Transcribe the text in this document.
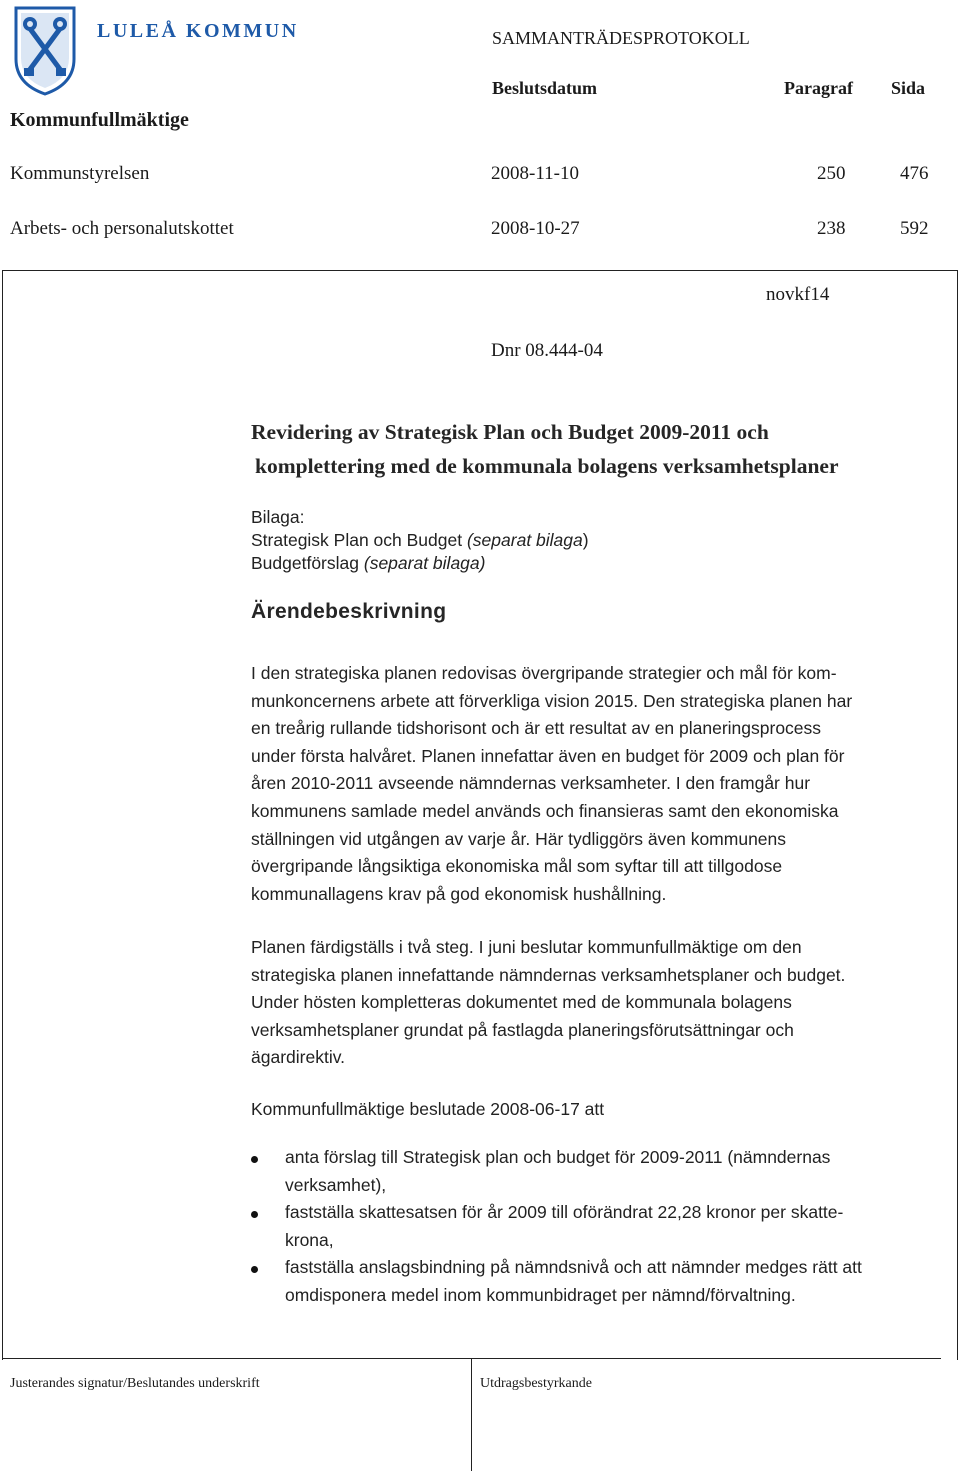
LULEÅ KOMMUN	SAMMANTRÄDESPROTOKOLL
Beslutsdatum	Paragraf Sida
Kommunfullmäktige
Kommunstyrelsen	2008-11-10	250	476
Arbets- och personalutskottet	2008-10-27	238	592
novkf14
Dnr 08.444-04
Revidering av Strategisk Plan och Budget 2009-2011 och
komplettering med de kommunala bolagens verksamhetsplaner
Bilaga:
Strategisk Plan och Budget (separat bilaga)
Budgetförslag (separat bilaga)
Ärendebeskrivning

I den strategiska planen redovisas övergripande strategier och mål för kom-

munkoncernens arbete att förverkliga vision 2015. Den strategiska planen har

en treårig rullande tidshorisont och är ett resultat av en planeringsprocess

under första halvåret. Planen innefattar även en budget för 2009 och plan för

åren 2010-2011 avseende nämndernas verksamheter. I den framgår hur

kommunens samlade medel används och finansieras samt den ekonomiska

ställningen vid utgången av varje år. Här tydliggörs även kommunens

övergripande långsiktiga ekonomiska mål som syftar till att tillgodose

kommunallagens krav på god ekonomisk hushållning.

Planen färdigställs i två steg. I juni beslutar kommunfullmäktige om den

strategiska planen innefattande nämndernas verksamhetsplaner och budget.

Under hösten kompletteras dokumentet med de kommunala bolagens

verksamhetsplaner grundat på fastlagda planeringsförutsättningar och

ägardirektiv.

Kommunfullmäktige beslutade 2008-06-17 att
anta förslag till Strategisk plan och budget för 2009-2011 (nämndernas
verksamhet),
fastställa skattesatsen för år 2009 till oförändrat 22,28 kronor per skatte-
krona,
fastställa anslagsbindning på nämndsnivå och att nämnder medges rätt att
omdisponera medel inom kommunbidraget per nämnd/förvaltning.
Justerandes signatur/Beslutandes underskrift	Utdragsbestyrkande
